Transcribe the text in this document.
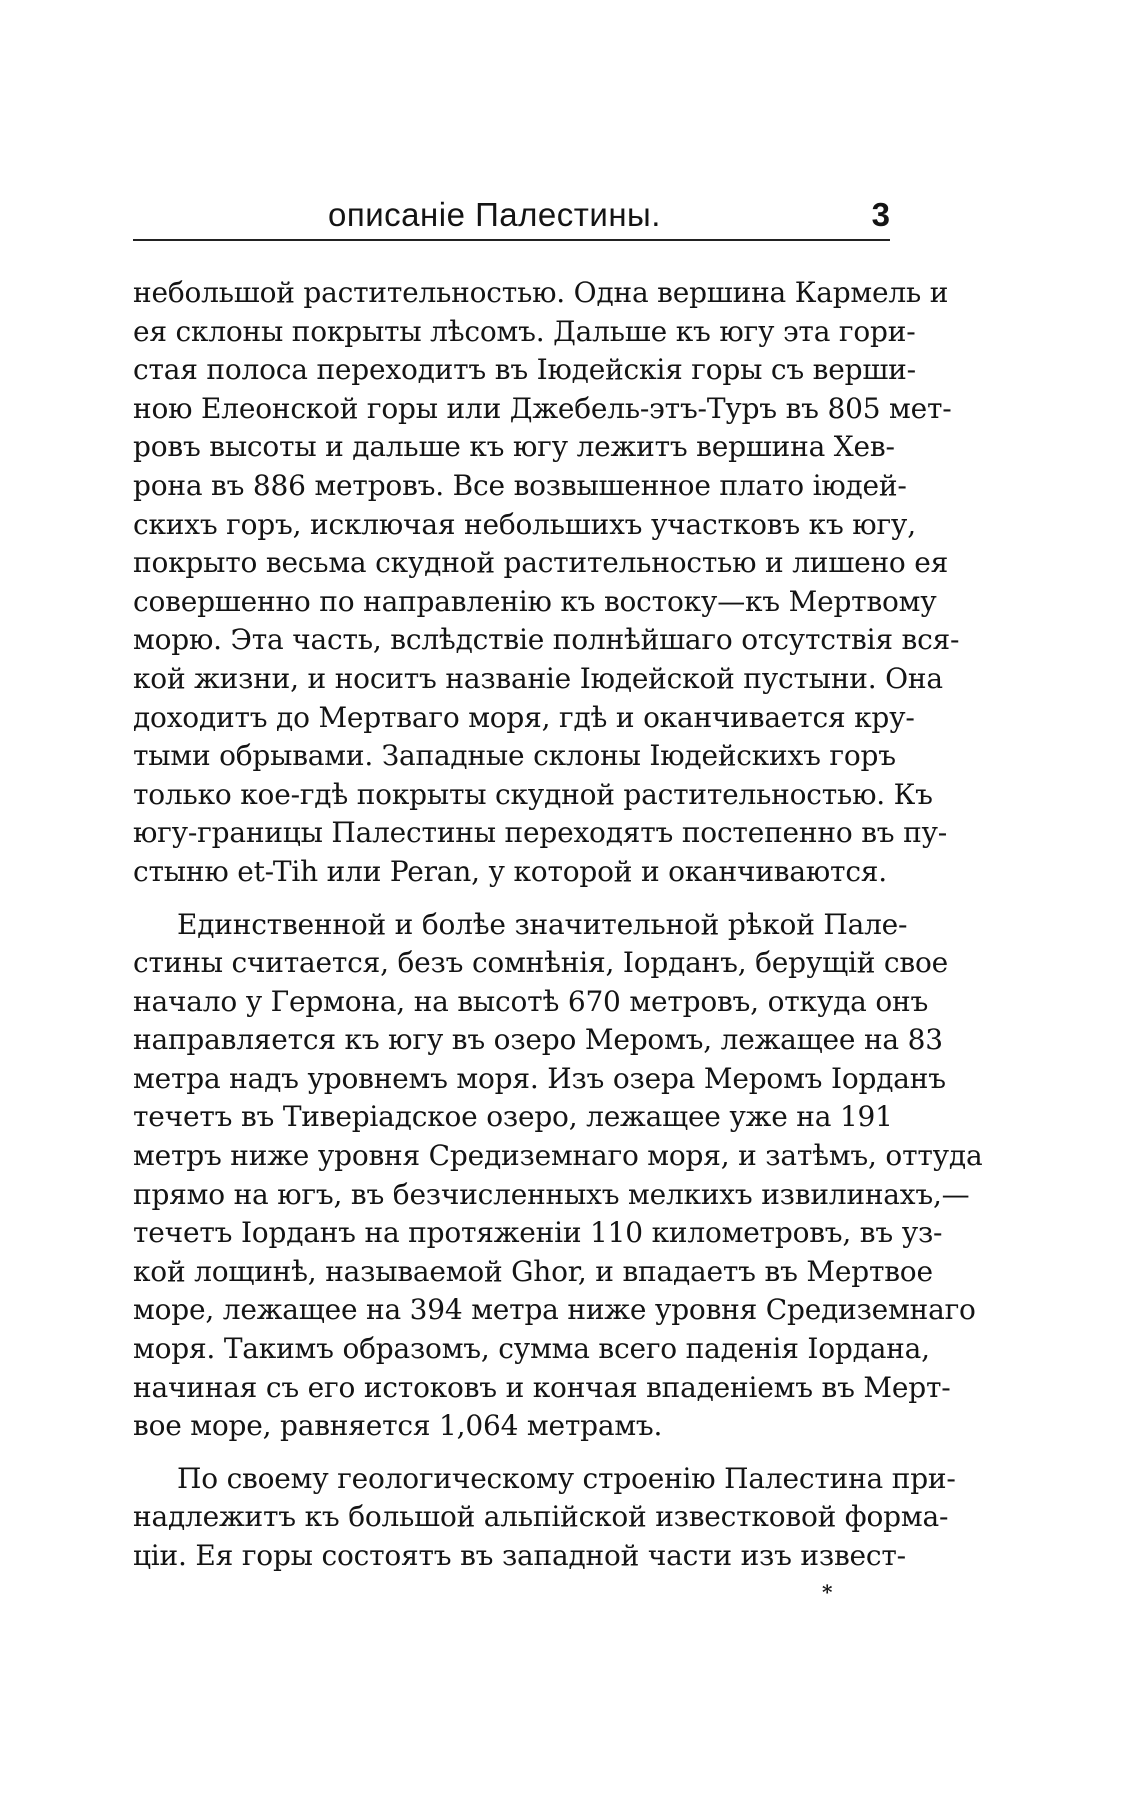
описаніе Палестины.	3
небольшой растительностью. Одна вершина Кармель и
ея склоны покрыты лѣсомъ. Дальше къ югу эта гори-
стая полоса переходитъ въ Іюдейскія горы съ верши-
ною Елеонской горы или Джебель-этъ-Туръ въ 805 мет-
ровъ высоты и дальше къ югу лежитъ вершина Хев-
рона въ 886 метровъ. Все возвышенное плато іюдей-
скихъ горъ, исключая небольшихъ участковъ къ югу,
покрыто весьма скудной растительностью и лишено ея
совершенно по направленію къ востоку—къ Мертвому
морю. Эта часть, вслѣдствіе полнѣйшаго отсутствія вся-
кой жизни, и носитъ названіе Іюдейской пустыни. Она
доходитъ до Мертваго моря, гдѣ и оканчивается кру-
тыми обрывами. Западные склоны Іюдейскихъ горъ
только кое-гдѣ покрыты скудной растительностью. Къ
югу-границы Палестины переходятъ постепенно въ пу-
стыню et-Tih или Peran, у которой и оканчиваются.
Единственной и болѣе значительной рѣкой Пале-
стины считается, безъ сомнѣнія, Іорданъ, берущій свое
начало у Гермона, на высотѣ 670 метровъ, откуда онъ
направляется къ югу въ озеро Меромъ, лежащее на 83
метра надъ уровнемъ моря. Изъ озера Меромъ Іорданъ
течетъ въ Тиверіадское озеро, лежащее уже на 191
метръ ниже уровня Средиземнаго моря, и затѣмъ, оттуда
прямо на югъ, въ безчисленныхъ мелкихъ извилинахъ,—
течетъ Іорданъ на протяженіи 110 километровъ, въ уз-
кой лощинѣ, называемой Ghor, и впадаетъ въ Мертвое
море, лежащее на 394 метра ниже уровня Средиземнаго
моря. Такимъ образомъ, сумма всего паденія Іордана,
начиная съ его истоковъ и кончая впаденіемъ въ Мерт-
вое море, равняется 1,064 метрамъ.
По своему геологическому строенію Палестина при-
надлежитъ къ большой альпійской известковой форма-
ціи. Ея горы состоятъ въ западной части изъ извест-
*
